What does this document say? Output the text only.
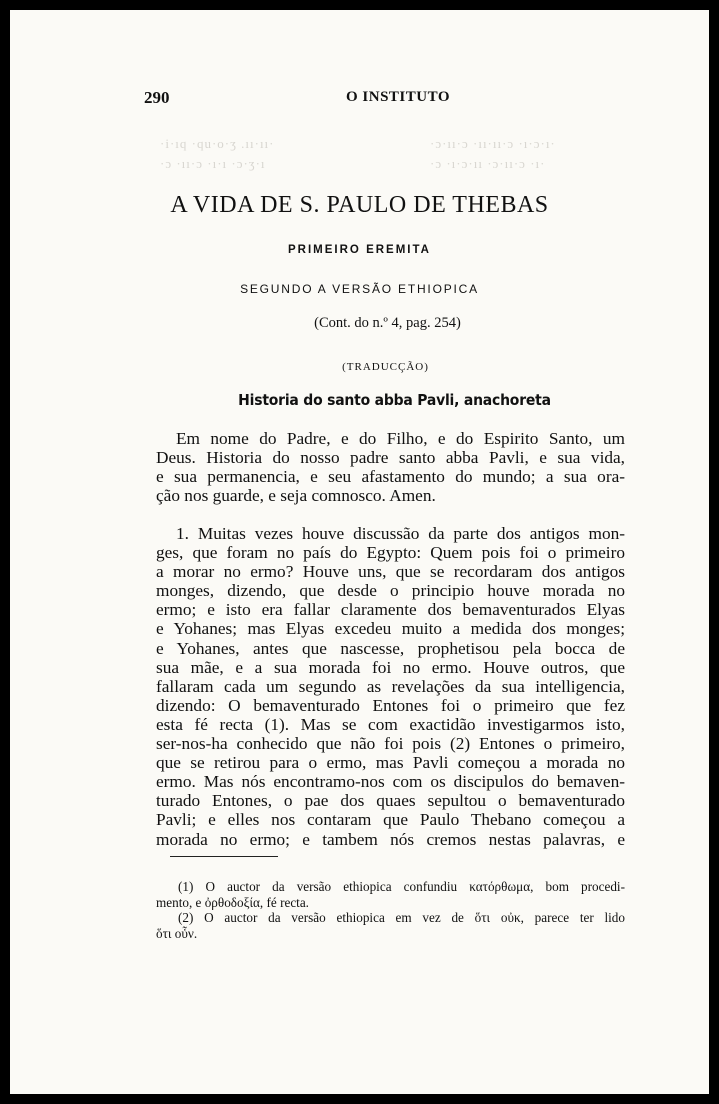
·i·ıq ·qu·o·ʒ .ıı·ıı·
·ɔ ·ıı·ɔ ·ı·ı ·ɔ·ʒ·ı
·ɔ·ıı·ɔ ·ıı·ıı·ɔ ·ı·ɔ·ı·
·ɔ ·ı·ɔ·ıı ·ɔ·ıı·ɔ ·ı·
290	O INSTITUTO
A VIDA DE S. PAULO DE THEBAS
PRIMEIRO EREMITA
SEGUNDO A VERSÃO ETHIOPICA
(Cont. do n.º 4, pag. 254)
(TRADUCÇÃO)
Historia do santo abba Pavli, anachoreta
Em nome do Padre, e do Filho, e do Espirito Santo, um
Deus. Historia do nosso padre santo abba Pavli, e sua vida,
e sua permanencia, e seu afastamento do mundo; a sua ora-
ção nos guarde, e seja comnosco. Amen.
1. Muitas vezes houve discussão da parte dos antigos mon-
ges, que foram no país do Egypto: Quem pois foi o primeiro
a morar no ermo? Houve uns, que se recordaram dos antigos
monges, dizendo, que desde o principio houve morada no
ermo; e isto era fallar claramente dos bemaventurados Elyas
e Yohanes; mas Elyas excedeu muito a medida dos monges;
e Yohanes, antes que nascesse, prophetisou pela bocca de
sua mãe, e a sua morada foi no ermo. Houve outros, que
fallaram cada um segundo as revelações da sua intelligencia,
dizendo: O bemaventurado Entones foi o primeiro que fez
esta fé recta (1). Mas se com exactidão investigarmos isto,
ser-nos-ha conhecido que não foi pois (2) Entones o primeiro,
que se retirou para o ermo, mas Pavli começou a morada no
ermo. Mas nós encontramo-nos com os discipulos do bemaven-
turado Entones, o pae dos quaes sepultou o bemaventurado
Pavli; e elles nos contaram que Paulo Thebano começou a
morada no ermo; e tambem nós cremos nestas palavras, e
(1) O auctor da versão ethiopica confundiu κατόρθωμα, bom procedi-
mento, e ὀρθοδοξία, fé recta.
(2) O auctor da versão ethiopica em vez de ὅτι οὐκ, parece ter lido
ὅτι οὖν.
